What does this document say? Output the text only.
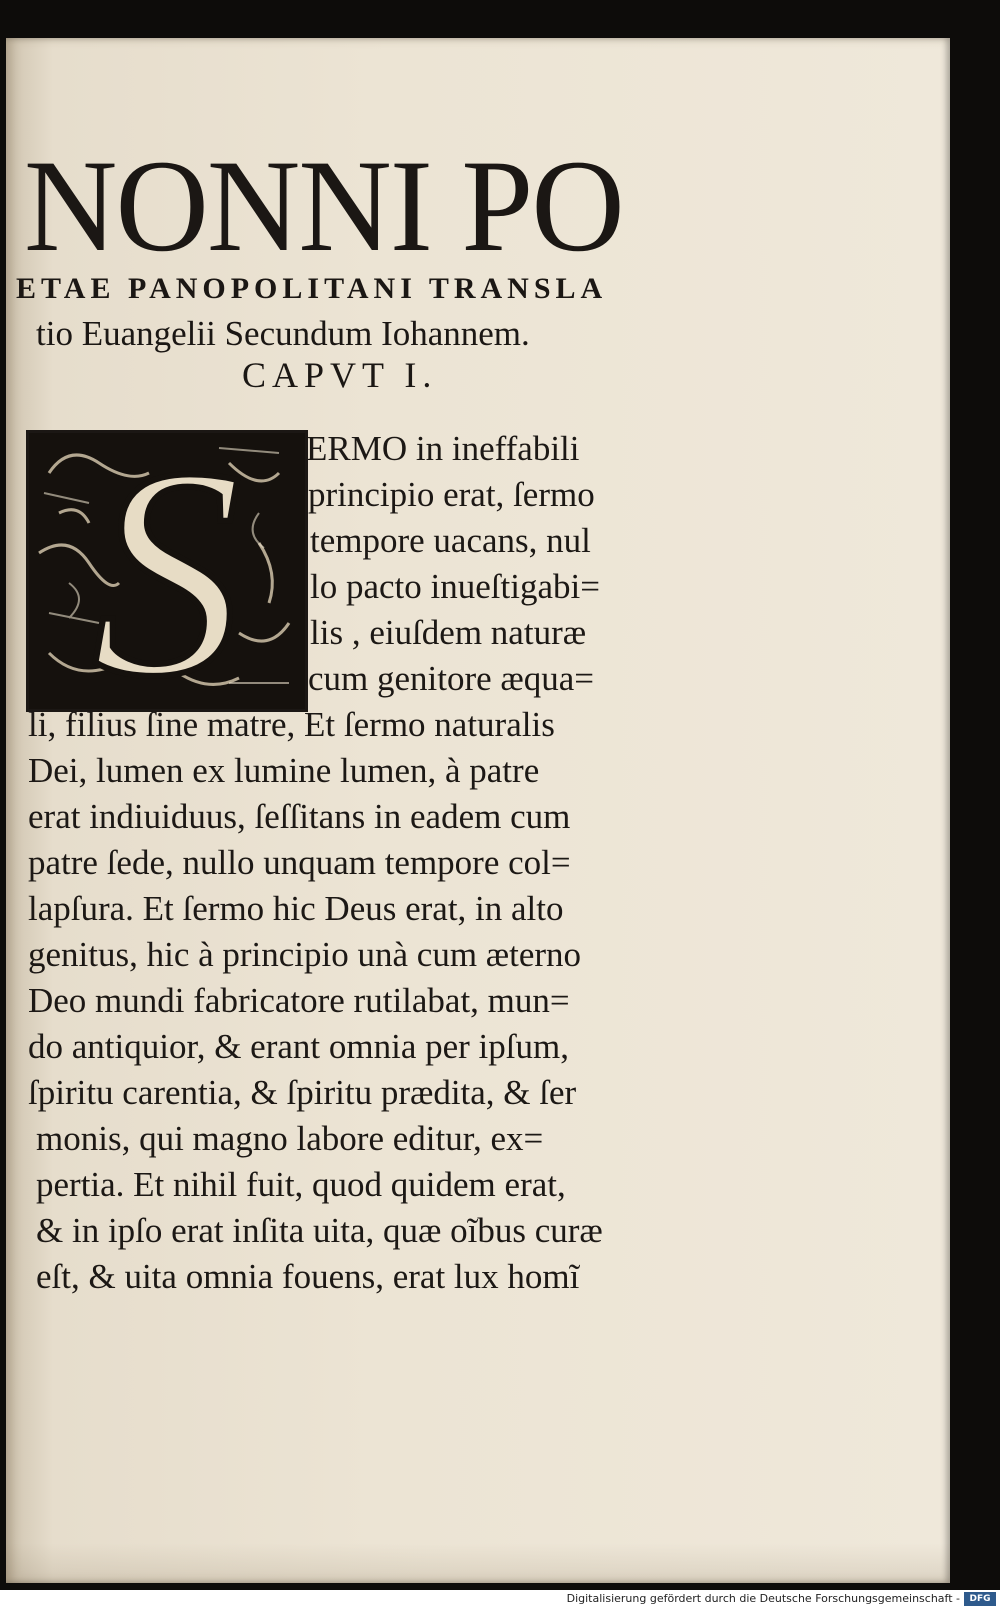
NONNI PO
ETAE PANOPOLITANI TRANSLA
tio Euangelii Secundum Iohannem.
CAPVT I.
S ERMO in ineffabili
principio erat, ſermo
tempore uacans, nul
lo pacto inueſtigabi=
lis , eiuſdem naturæ
cum genitore æqua=
li, filius ſine matre, Et ſermo naturalis
Dei, lumen ex lumine lumen, à patre
erat indiuiduus, ſeſſitans in eadem cum
patre ſede, nullo unquam tempore col=
lapſura. Et ſermo hic Deus erat, in alto
genitus, hic à principio unà cum æterno
Deo mundi fabricatore rutilabat, mun=
do antiquior, & erant omnia per ipſum,
ſpiritu carentia, & ſpiritu prædita, & ſer
monis, qui magno labore editur, ex=
pertia. Et nihil fuit, quod quidem erat,
& in ipſo erat inſita uita, quæ oĩbus curæ
eſt, & uita omnia fouens, erat lux homĩ
Digitalisierung gefördert durch die Deutsche Forschungsgemeinschaft -	DFG
